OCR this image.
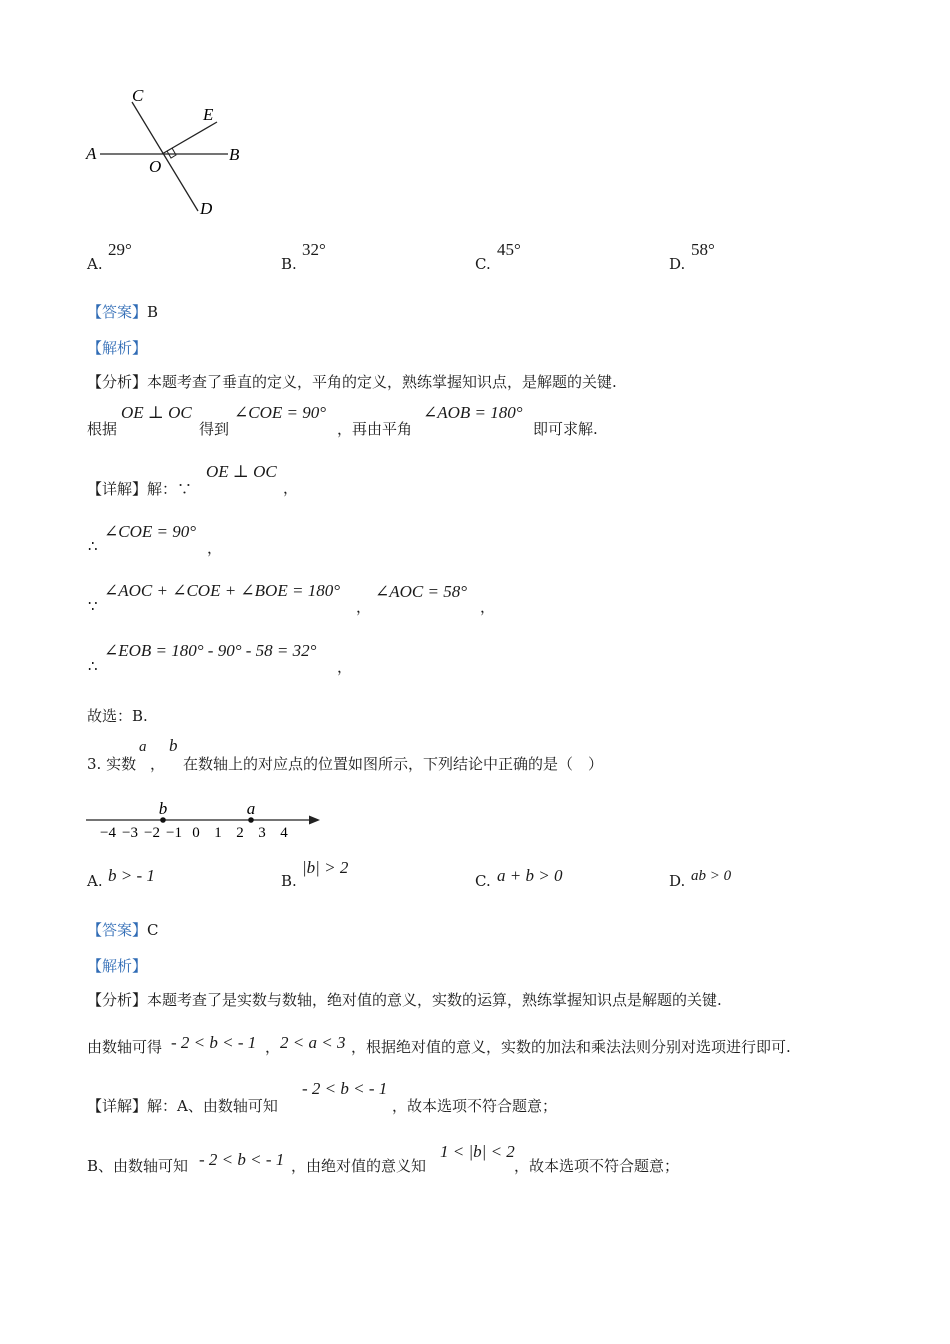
C
E
A
O
B
D
A.
29°
B.
32°
C.
45°
D.
58°
【答案】B
【解析】
【分析】本题考查了垂直的定义，平角的定义，熟练掌握知识点，是解题的关键.
根据
OE ⊥ OC
得到
∠COE = 90°
，再由平角
∠AOB = 180°
即可求解.
【详解】解：∵
OE ⊥ OC
，
∴
∠COE = 90°
，
∵
∠AOC + ∠COE + ∠BOE = 180°
，
∠AOC = 58°
，
∴
∠EOB = 180° - 90° - 58 = 32°
，
故选：B.
3. 实数
a
，
b
在数轴上的对应点的位置如图所示，下列结论中正确的是（　）
−4 −3 −2 −1 0 1 2 3 4
b	a
A. b > - 1	B.
|b| > 2
C. a + b > 0	D. ab > 0
【答案】C
【解析】
【分析】本题考查了是实数与数轴，绝对值的意义，实数的运算，熟练掌握知识点是解题的关键.
由数轴可得 - 2 < b < - 1 ， 2 < a < 3 ，根据绝对值的意义，实数的加法和乘法法则分别对选项进行即可.
【详解】解：A、由数轴可知
- 2 < b < - 1
，故本选项不符合题意；
B、由数轴可知 - 2 < b < - 1 ，由绝对值的意义知
1 < |b| < 2
，故本选项不符合题意；
